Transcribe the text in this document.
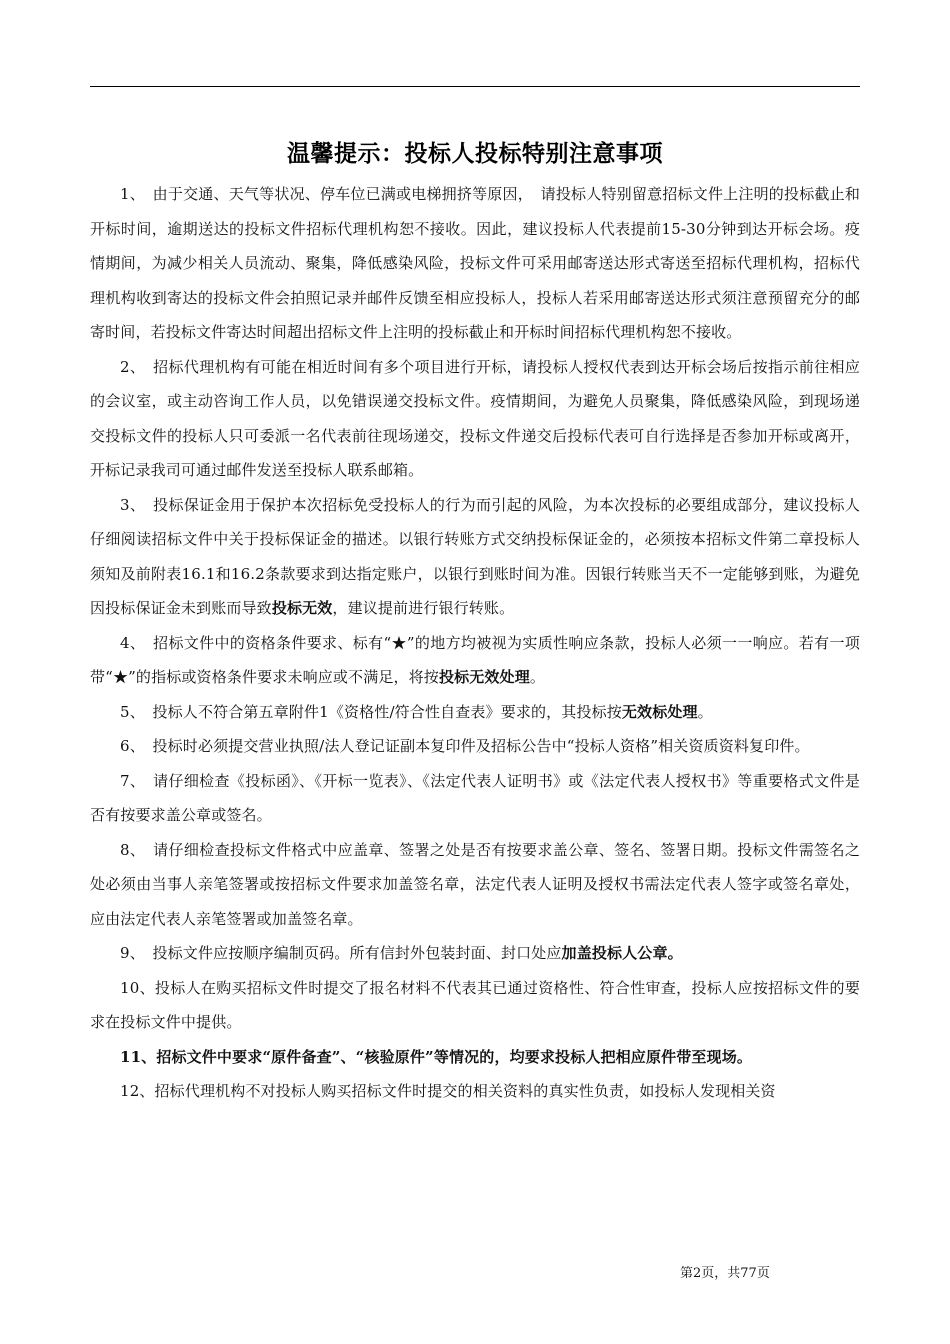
温馨提示：投标人投标特别注意事项

1、　由于交通、天气等状况、停车位已满或电梯拥挤等原因，　请投标人特别留意招标文件上注明的投标截止和开标时间，逾期送达的投标文件招标代理机构恕不接收。因此，建议投标人代表提前15-30分钟到达开标会场。疫情期间，为减少相关人员流动、聚集，降低感染风险，投标文件可采用邮寄送达形式寄送至招标代理机构，招标代理机构收到寄达的投标文件会拍照记录并邮件反馈至相应投标人，投标人若采用邮寄送达形式须注意预留充分的邮寄时间，若投标文件寄达时间超出招标文件上注明的投标截止和开标时间招标代理机构恕不接收。

2、　招标代理机构有可能在相近时间有多个项目进行开标，请投标人授权代表到达开标会场后按指示前往相应的会议室，或主动咨询工作人员，以免错误递交投标文件。疫情期间，为避免人员聚集，降低感染风险，到现场递交投标文件的投标人只可委派一名代表前往现场递交，投标文件递交后投标代表可自行选择是否参加开标或离开，开标记录我司可通过邮件发送至投标人联系邮箱。

3、　投标保证金用于保护本次招标免受投标人的行为而引起的风险，为本次投标的必要组成部分，建议投标人仔细阅读招标文件中关于投标保证金的描述。以银行转账方式交纳投标保证金的，必须按本招标文件第二章投标人须知及前附表16.1和16.2条款要求到达指定账户，以银行到账时间为准。因银行转账当天不一定能够到账，为避免因投标保证金未到账而导致投标无效，建议提前进行银行转账。

4、　招标文件中的资格条件要求、标有“★”的地方均被视为实质性响应条款，投标人必须一一响应。若有一项带“★”的指标或资格条件要求未响应或不满足，将按投标无效处理。

5、　投标人不符合第五章附件1《资格性/符合性自查表》要求的，其投标按无效标处理。

6、　投标时必须提交营业执照/法人登记证副本复印件及招标公告中“投标人资格”相关资质资料复印件。

7、　请仔细检查《投标函》、《开标一览表》、《法定代表人证明书》或《法定代表人授权书》等重要格式文件是否有按要求盖公章或签名。

8、　请仔细检查投标文件格式中应盖章、签署之处是否有按要求盖公章、签名、签署日期。投标文件需签名之处必须由当事人亲笔签署或按招标文件要求加盖签名章，法定代表人证明及授权书需法定代表人签字或签名章处，应由法定代表人亲笔签署或加盖签名章。

9、　投标文件应按顺序编制页码。所有信封外包装封面、封口处应加盖投标人公章。

10、投标人在购买招标文件时提交了报名材料不代表其已通过资格性、符合性审查，投标人应按招标文件的要求在投标文件中提供。

11、招标文件中要求“原件备查”、“核验原件”等情况的，均要求投标人把相应原件带至现场。

12、招标代理机构不对投标人购买招标文件时提交的相关资料的真实性负责，如投标人发现相关资

第2页，共77页
